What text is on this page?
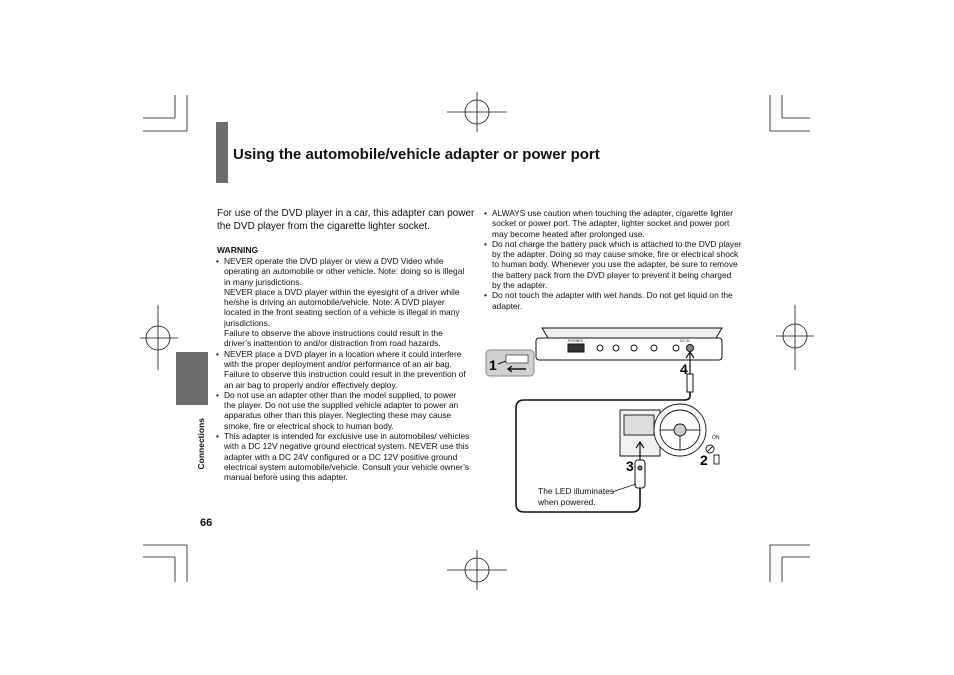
Using the automobile/vehicle adapter or power port
Connections
66

For use of the DVD player in a car, this adapter can power the DVD player from the cigarette lighter socket.

WARNING

• NEVER operate the DVD player or view a DVD Video while operating an automobile or other vehicle. Note: doing so is illegal in many jurisdictions.

NEVER place a DVD player within the eyesight of a driver while he/she is driving an automobile/vehicle. Note: A DVD player located in the front seating section of a vehicle is illegal in many jurisdictions.

Failure to observe the above instructions could result in the driver’s inattention to and/or distraction from road hazards.

• NEVER place a DVD player in a location where it could interfere with the proper deployment and/or performance of an air bag.

Failure to observe this instruction could result in the prevention of an air bag to properly and/or effectively deploy.

• Do not use an adapter other than the model supplied, to power the player. Do not use the supplied vehicle adapter to power an apparatus other than this player. Neglecting these may cause smoke, fire or electrical shock to human body.

• This adapter is intended for exclusive use in automobiles/ vehicles with a DC 12V negative ground electrical system. NEVER use this adapter with a DC 24V configured or a DC 12V positive ground electrical system automobile/vehicle. Consult your vehicle owner’s manual before using this adapter.

• ALWAYS use caution when touching the adapter, cigarette lighter socket or power port. The adapter, lighter socket and power port may become heated after prolonged use.
• Do not charge the battery pack which is attached to the DVD player by the adapter. Doing so may cause smoke, fire or electrical shock to human body. Whenever you use the adapter, be sure to remove the battery pack from the DVD player to prevent it being charged by the adapter.
• Do not touch the adapter with wet hands. Do not get liquid on the adapter.
PHONES	DC IN
1	4
ON
3	2
The LED illuminates when powered.
